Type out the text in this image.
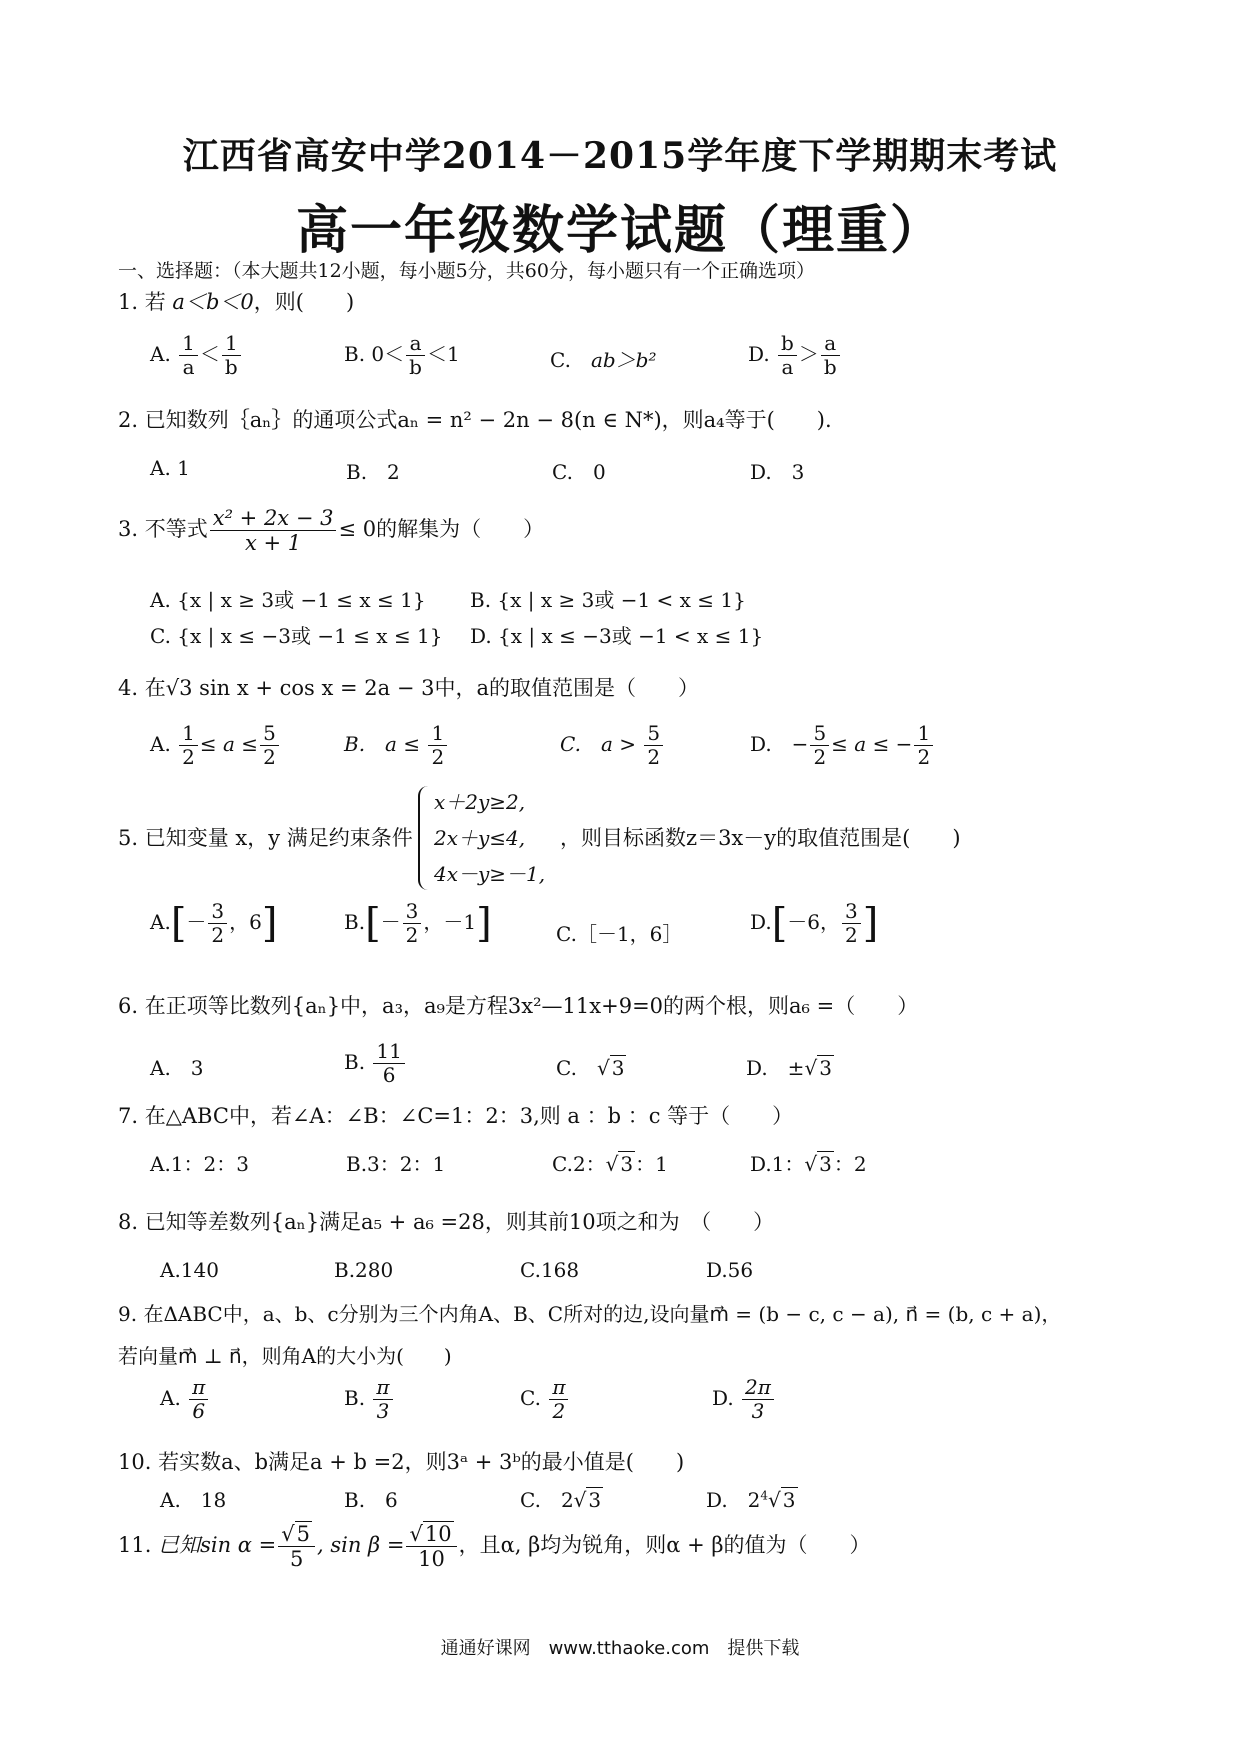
江西省高安中学2014－2015学年度下学期期末考试
高一年级数学试题（理重）
一、选择题：（本大题共12小题，每小题5分，共60分，每小题只有一个正确选项）
1. 若 a＜b＜0，则(　　)
A. $\frac{1}{a} < \frac{1}{b}$	B. $0< \frac{a}{b} <1$	C.　 ab＞b²	D. $\frac{b}{a} > \frac{a}{b}$
2. 已知数列｛aₙ｝的通项公式aₙ = n² − 2n − 8(n ∈ N*)，则a₄等于(　　).
A. 1	B.　2	C.　0	D.　3
3. 不等式 $\frac{\text{x² + 2x − 3}}{x + 1} \le 0$的解集为（　　）
A. {x | x ≥ 3或 −1 ≤ x ≤ 1} B. {x | x ≥ 3或 −1 < x ≤ 1}
C. {x | x ≤ −3或 −1 ≤ x ≤ 1} D. {x | x ≤ −3或 −1 < x ≤ 1}
4. 在√3 sin x + cos x = 2a − 3中，a的取值范围是（　　）
A. $\frac{1}{2} \le a \le \frac{5}{2}$	B.　$a \le \frac{1}{2}$	C.　$a > \frac{5}{2}$	D.　− $\frac{5}{2} \le a$ ≤ − $\frac{1}{2}$
5. 已知变量 x，y 满足约束条件
x＋2y≥2,
2x＋y≤4,
4x－y≥－1,
，则目标函数z＝3x－y的取值范围是(　　)
$A.[- \frac{3}{2}$ ，6]	$B.[- \frac{3}{2}$ ，－1]	C.［－1，6］	D.[－6， $\frac{3}{2}$ ]
6. 在正项等比数列{aₙ}中，a₃，a₉是方程3x²—11x+9=0的两个根，则a₆ =（　　）
A.　3	B. $\frac{11}{6}$	C.　 √ 3	D.　±√ 3
7. 在△ABC中，若∠A：∠B：∠C=1：2：3,则 a ：b ：c 等于（　　）
A.1：2：3	B.3：2：1	C.2：√ 3 ：1	D.1：√ 3 ：2
8. 已知等差数列{aₙ}满足a₅ + a₆ =28，则其前10项之和为　（　　）
A.140	B.280	C.168	D.56
9. 在ΔABC中，a、b、c分别为三个内角A、B、C所对的边,设向量m⃗ = (b − c, c − a), n⃗ = (b, c + a)，
若向量m⃗ ⊥ n⃗，则角A的大小为(　　)
A. $\frac{\pi}{6}$	B. $\frac{\pi}{3}$	C. $\frac{\pi}{2}$	D. $\frac{2\pi}{3}$
10. 若实数a、b满足a + b =2，则3ᵃ + 3ᵇ的最小值是(　　)
A.　18	B.　6	C.　2√ 3	D.　$2^4√$ 3
11. 已知$\sin \alpha = \frac{√5}{5}$ , $\sin \beta = \frac{√10}{10}$ ，且α, β均为锐角，则α + β的值为（　　）
通通好课网　www.tthaoke.com　提供下载
